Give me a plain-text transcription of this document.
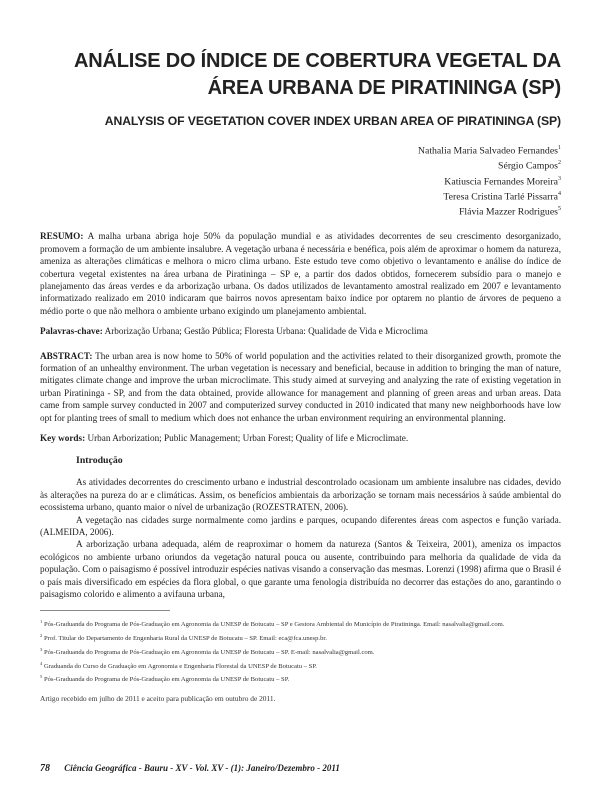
ANÁLISE DO ÍNDICE DE COBERTURA VEGETAL DA
ÁREA URBANA DE PIRATININGA (SP)
ANALYSIS OF VEGETATION COVER INDEX URBAN AREA OF PIRATININGA (SP)
Nathalia Maria Salvadeo Fernandes$^1$
Sérgio Campos$^2$
Katiuscia Fernandes Moreira$^3$
Teresa Cristina Tarlé Pissarra$^4$
Flávia Mazzer Rodrigues$^5$
RESUMO: A malha urbana abriga hoje 50% da população mundial e as atividades decorrentes de seu crescimento desorganizado, promovem a formação de um ambiente insalubre. A vegetação urbana é necessária e benéfica, pois além de aproximar o homem da natureza, ameniza as alterações climáticas e melhora o micro clima urbano. Este estudo teve como objetivo o levantamento e análise do índice de cobertura vegetal existentes na área urbana de Piratininga – SP e, a partir dos dados obtidos, fornecerem subsídio para o manejo e planejamento das áreas verdes e da arborização urbana. Os dados utilizados de levantamento amostral realizado em 2007 e levantamento informatizado realizado em 2010 indicaram que bairros novos apresentam baixo índice por optarem no plantio de árvores de pequeno a médio porte o que não melhora o ambiente urbano exigindo um planejamento ambiental.
Palavras-chave: Arborização Urbana; Gestão Pública; Floresta Urbana: Qualidade de Vida e Microclima
ABSTRACT: The urban area is now home to 50% of world population and the activities related to their disorganized growth, promote the formation of an unhealthy environment. The urban vegetation is necessary and beneficial, because in addition to bringing the man of nature, mitigates climate change and improve the urban microclimate. This study aimed at surveying and analyzing the rate of existing vegetation in urban Piratininga - SP, and from the data obtained, provide allowance for management and planning of green areas and urban areas. Data came from sample survey conducted in 2007 and computerized survey conducted in 2010 indicated that many new neighborhoods have low opt for planting trees of small to medium which does not enhance the urban environment requiring an environmental planning.
Key words: Urban Arborization; Public Management; Urban Forest; Quality of life e Microclimate.
Introdução

As atividades decorrentes do crescimento urbano e industrial descontrolado ocasionam um ambiente insalubre nas cidades, devido às alterações na pureza do ar e climáticas. Assim, os benefícios ambientais da arborização se tornam mais necessários à saúde ambiental do ecossistema urbano, quanto maior o nível de urbanização (ROZESTRATEN, 2006).

A vegetação nas cidades surge normalmente como jardins e parques, ocupando diferentes áreas com aspectos e função variada. (ALMEIDA, 2006).

A arborização urbana adequada, além de reaproximar o homem da natureza (Santos & Teixeira, 2001), ameniza os impactos ecológicos no ambiente urbano oriundos da vegetação natural pouca ou ausente, contribuindo para melhoria da qualidade de vida da população. Com o paisagismo é possível introduzir espécies nativas visando a conservação das mesmas. Lorenzi (1998) afirma que o Brasil é o país mais diversificado em espécies da flora global, o que garante uma fenologia distribuída no decorrer das estações do ano, garantindo o paisagismo colorido e alimento a avifauna urbana,

$^1$ Pós-Graduanda do Programa de Pós-Graduação em Agronomia da UNESP de Botucatu – SP e Gestora Ambiental do Município de Piratininga. Email: nasalvalia@gmail.com.
$^2$ Prof. Titular do Departamento de Engenharia Rural da UNESP de Botucatu – SP. Email: eca@fca.unesp.br.
$^3$ Pós-Graduanda do Programa de Pós-Graduação em Agronomia da UNESP de Botucatu – SP. E-mail: nasalvalia@gmail.com.
$^4$ Graduanda do Curso de Graduação em Agronomia e Engenharia Florestal da UNESP de Botucatu – SP.
$^5$ Pós-Graduanda do Programa de Pós-Graduação em Agronomia da UNESP de Botucatu – SP.
Artigo recebido em julho de 2011 e aceito para publicação em outubro de 2011.
78 Ciência Geográfica - Bauru - XV - Vol. XV - (1): Janeiro/Dezembro - 2011
